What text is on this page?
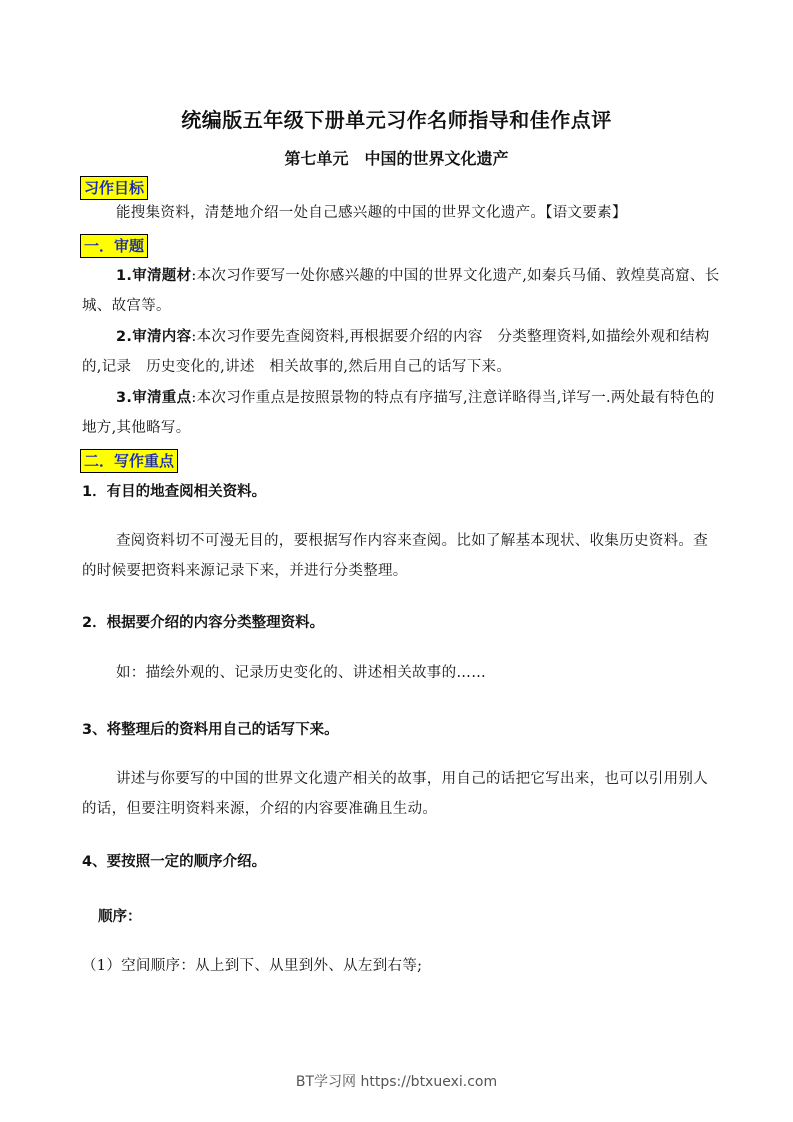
统编版五年级下册单元习作名师指导和佳作点评
第七单元　中国的世界文化遗产
习作目标
能搜集资料，清楚地介绍一处自己感兴趣的中国的世界文化遗产。【语文要素】
一．审题
1.审清题材:本次习作要写一处你感兴趣的中国的世界文化遗产,如秦兵马俑、敦煌莫高窟、长城、故宫等。
2.审清内容:本次习作要先查阅资料,再根据要介绍的内容　分类整理资料,如描绘外观和结构的,记录　历史变化的,讲述　相关故事的,然后用自己的话写下来。
3.审清重点:本次习作重点是按照景物的特点有序描写,注意详略得当,详写一.两处最有特色的地方,其他略写。
二．写作重点
1．有目的地查阅相关资料。
查阅资料切不可漫无目的，要根据写作内容来查阅。比如了解基本现状、收集历史资料。查的时候要把资料来源记录下来，并进行分类整理。
2．根据要介绍的内容分类整理资料。
如：描绘外观的、记录历史变化的、讲述相关故事的……
3、将整理后的资料用自己的话写下来。
讲述与你要写的中国的世界文化遗产相关的故事，用自己的话把它写出来，也可以引用别人的话，但要注明资料来源，介绍的内容要准确且生动。
4、要按照一定的顺序介绍。
顺序：
（1）空间顺序：从上到下、从里到外、从左到右等;
BT学习网 https://btxuexi.com
